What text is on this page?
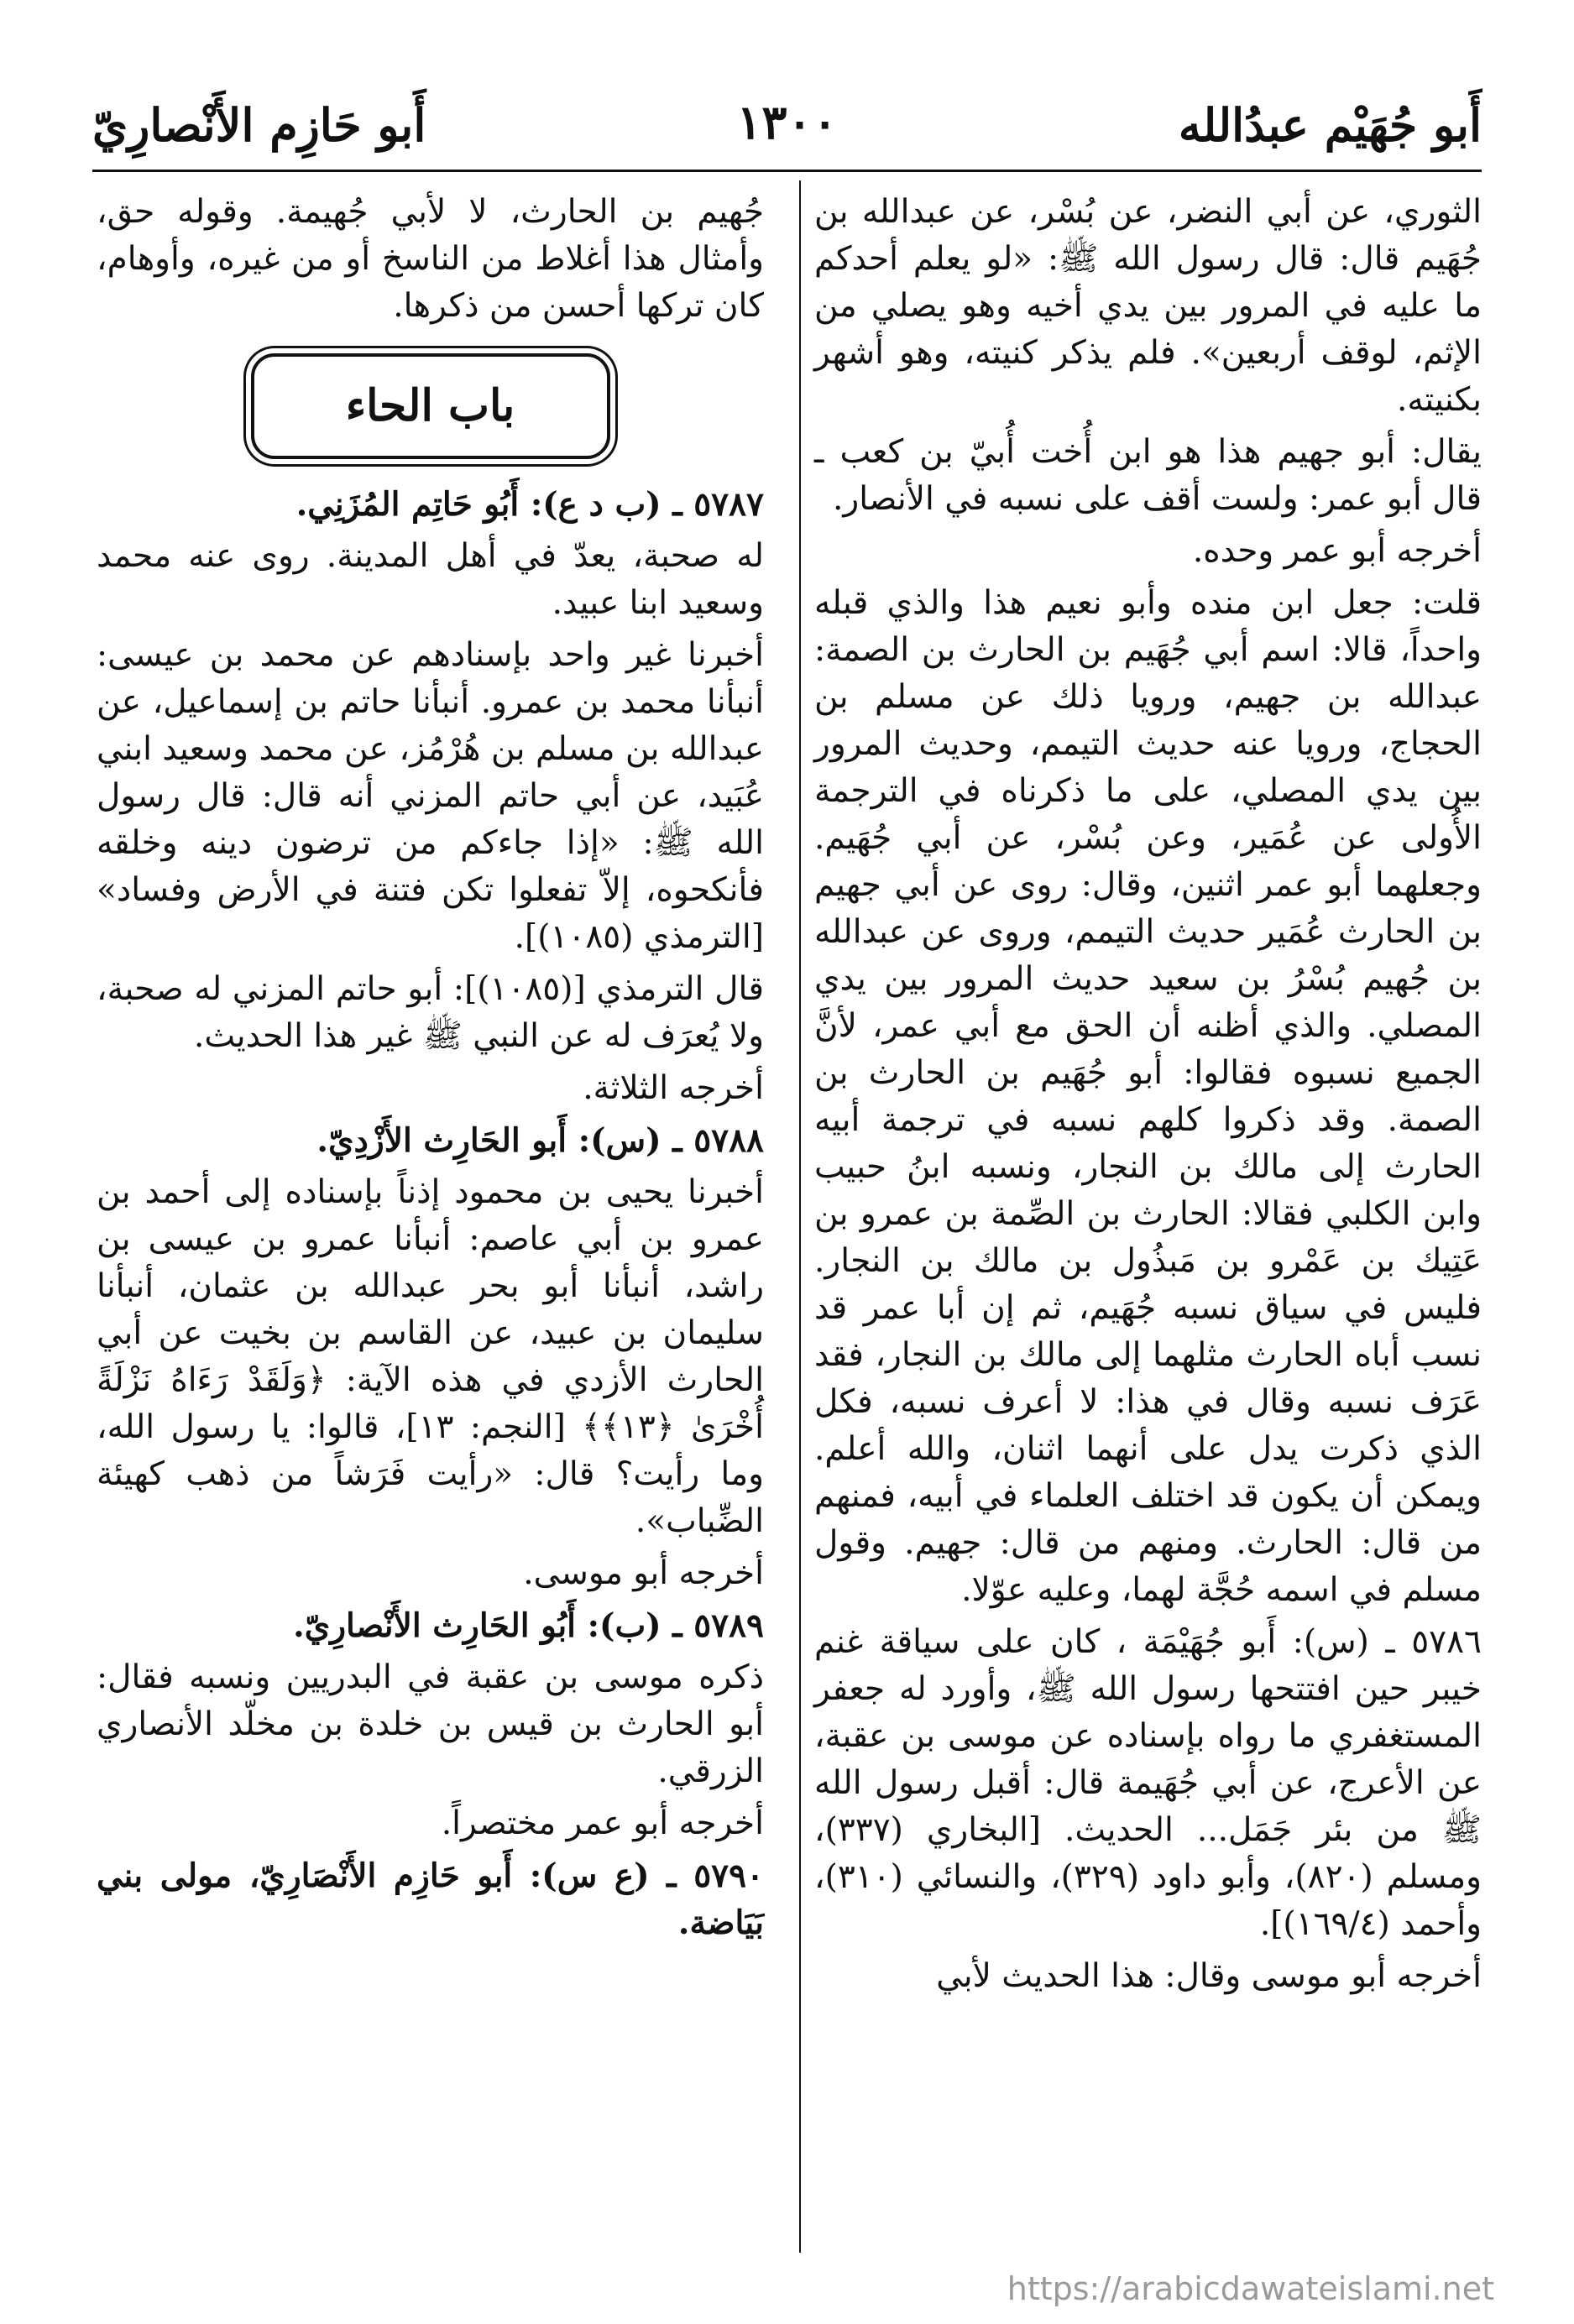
أَبو جُهَيْم عبدُالله
١٣٠٠
أَبو حَازِم الأَنْصارِيّ

الثوري، عن أبي النضر، عن بُسْر، عن عبدالله بن جُهَيم قال: قال رسول الله ﷺ: «لو يعلم أحدكم ما عليه في المرور بين يدي أخيه وهو يصلي من الإثم، لوقف أربعين». فلم يذكر كنيته، وهو أشهر بكنيته.

يقال: أبو جهيم هذا هو ابن أُخت أُبيّ بن كعب ـ قال أبو عمر: ولست أقف على نسبه في الأنصار.

أخرجه أبو عمر وحده.

قلت: جعل ابن منده وأبو نعيم هذا والذي قبله واحداً، قالا: اسم أبي جُهَيم بن الحارث بن الصمة: عبدالله بن جهيم، ورويا ذلك عن مسلم بن الحجاج، ورويا عنه حديث التيمم، وحديث المرور بين يدي المصلي، على ما ذكرناه في الترجمة الأُولى عن عُمَير، وعن بُسْر، عن أبي جُهَيم. وجعلهما أبو عمر اثنين، وقال: روى عن أبي جهيم بن الحارث عُمَير حديث التيمم، وروى عن عبدالله بن جُهيم بُسْرُ بن سعيد حديث المرور بين يدي المصلي. والذي أظنه أن الحق مع أبي عمر، لأنَّ الجميع نسبوه فقالوا: أبو جُهَيم بن الحارث بن الصمة. وقد ذكروا كلهم نسبه في ترجمة أبيه الحارث إلى مالك بن النجار، ونسبه ابنُ حبيب وابن الكلبي فقالا: الحارث بن الصِّمة بن عمرو بن عَتِيك بن عَمْرو بن مَبذُول بن مالك بن النجار. فليس في سياق نسبه جُهَيم، ثم إن أبا عمر قد نسب أباه الحارث مثلهما إلى مالك بن النجار، فقد عَرَف نسبه وقال في هذا: لا أعرف نسبه، فكل الذي ذكرت يدل على أنهما اثنان، والله أعلم. ويمكن أن يكون قد اختلف العلماء في أبيه، فمنهم من قال: الحارث. ومنهم من قال: جهيم. وقول مسلم في اسمه حُجَّة لهما، وعليه عوّلا.

٥٧٨٦ ـ (س): أَبو جُهَيْمَة ، كان على سياقة غنم خيبر حين افتتحها رسول الله ﷺ، وأورد له جعفر المستغفري ما رواه بإسناده عن موسى بن عقبة، عن الأعرج، عن أبي جُهَيمة قال: أقبل رسول الله ﷺ من بئر جَمَل... الحديث. [البخاري (٣٣٧)، ومسلم (٨٢٠)، وأبو داود (٣٢٩)، والنسائي (٣١٠)، وأحمد (١٦٩/٤)].

أخرجه أبو موسى وقال: هذا الحديث لأبي

جُهيم بن الحارث، لا لأبي جُهيمة. وقوله حق، وأمثال هذا أغلاط من الناسخ أو من غيره، وأوهام، كان تركها أحسن من ذكرها.

باب الحاء

٥٧٨٧ ـ (ب د ع): أَبُو حَاتِم المُزَنِي.

له صحبة، يعدّ في أهل المدينة. روى عنه محمد وسعيد ابنا عبيد.

أخبرنا غير واحد بإسنادهم عن محمد بن عيسى: أنبأنا محمد بن عمرو. أنبأنا حاتم بن إسماعيل، عن عبدالله بن مسلم بن هُرْمُز، عن محمد وسعيد ابني عُبَيد، عن أبي حاتم المزني أنه قال: قال رسول الله ﷺ: «إذا جاءكم من ترضون دينه وخلقه فأنكحوه، إلاّ تفعلوا تكن فتنة في الأرض وفساد» [الترمذي (١٠٨٥)].

قال الترمذي [(١٠٨٥)]: أبو حاتم المزني له صحبة، ولا يُعرَف له عن النبي ﷺ غير هذا الحديث.

أخرجه الثلاثة.

٥٧٨٨ ـ (س): أَبو الحَارِث الأَزْدِيّ.

أخبرنا يحيى بن محمود إذناً بإسناده إلى أحمد بن عمرو بن أبي عاصم: أنبأنا عمرو بن عيسى بن راشد، أنبأنا أبو بحر عبدالله بن عثمان، أنبأنا سليمان بن عبيد، عن القاسم بن بخيت عن أبي الحارث الأزدي في هذه الآية: ﴿وَلَقَدْ رَءَاهُ نَزْلَةً أُخْرَىٰ ﴿١٣﴾﴾ [النجم: ١٣]، قالوا: يا رسول الله، وما رأيت؟ قال: «رأيت فَرَشاً من ذهب كهيئة الضِّباب».

أخرجه أبو موسى.

٥٧٨٩ ـ (ب): أَبُو الحَارِث الأَنْصارِيّ.

ذكره موسى بن عقبة في البدريين ونسبه فقال: أبو الحارث بن قيس بن خلدة بن مخلّد الأنصاري الزرقي.

أخرجه أبو عمر مختصراً.

٥٧٩٠ ـ (ع س): أَبو حَازِم الأَنْصَارِيّ، مولى بني بَيَاضة.

https://arabicdawateislami.net
